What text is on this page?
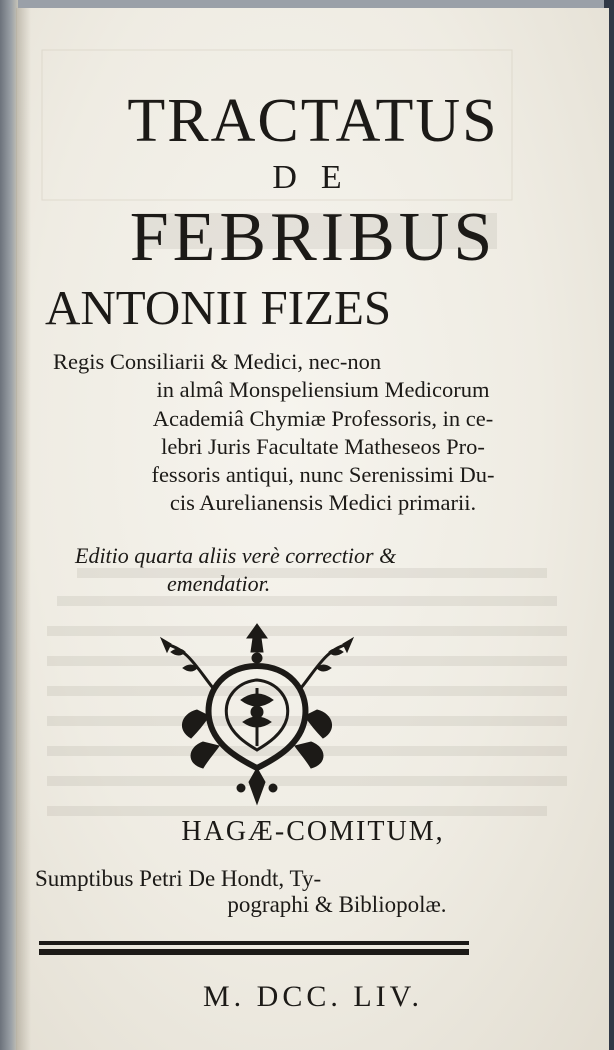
TRACTATUS
DE
FEBRIBUS
ANTONII FIZES
Regis Consiliarii & Medici, nec-non
in almâ Monspeliensium Medicorum
Academiâ Chymiæ Professoris, in ce-
lebri Juris Facultate Matheseos Pro-
fessoris antiqui, nunc Serenissimi Du-
cis Aurelianensis Medici primarii.
Editio quarta aliis verè correctior &
emendatior.
HAGÆ-COMITUM,
Sumptibus Petri De Hondt, Ty-
pographi & Bibliopolæ.
M. DCC. LIV.
